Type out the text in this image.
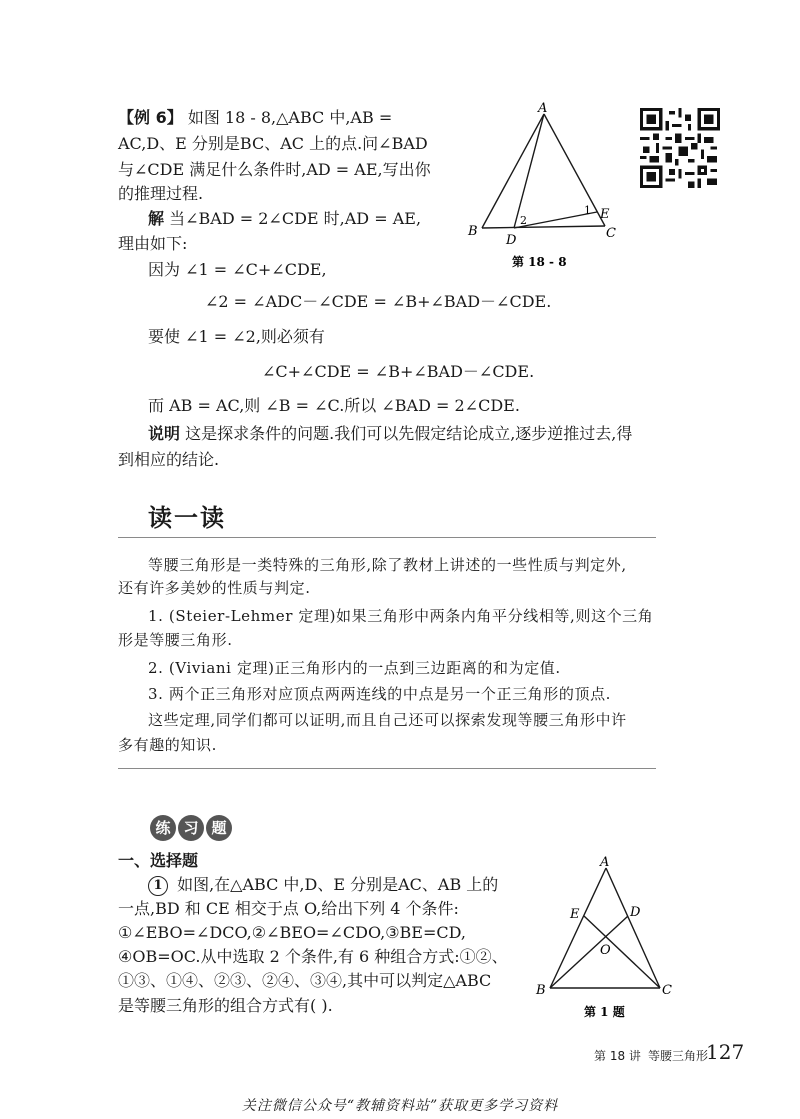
【例 6】 如图 18 - 8,△ABC 中,AB =
AC,D、E 分别是BC、AC 上的点.问∠BAD
与∠CDE 满足什么条件时,AD = AE,写出你
的推理过程.
解 当∠BAD = 2∠CDE 时,AD = AE,
理由如下:
因为 ∠1 = ∠C+∠CDE,
∠2 = ∠ADC－∠CDE = ∠B+∠BAD－∠CDE.
要使 ∠1 = ∠2,则必须有
∠C+∠CDE = ∠B+∠BAD－∠CDE.
而 AB = AC,则 ∠B = ∠C.所以 ∠BAD = 2∠CDE.
说明 这是探求条件的问题.我们可以先假定结论成立,逐步逆推过去,得
到相应的结论.
A
B	C
D
E
1
2
第 18 - 8
读一读
等腰三角形是一类特殊的三角形,除了教材上讲述的一些性质与判定外,
还有许多美妙的性质与判定.
1. (Steier-Lehmer 定理)如果三角形中两条内角平分线相等,则这个三角
形是等腰三角形.
2. (Viviani 定理)正三角形内的一点到三边距离的和为定值.
3. 两个正三角形对应顶点两两连线的中点是另一个正三角形的顶点.
这些定理,同学们都可以证明,而且自己还可以探索发现等腰三角形中许
多有趣的知识.
练 习 题
一、选择题
1 如图,在△ABC 中,D、E 分别是AC、AB 上的
一点,BD 和 CE 相交于点 O,给出下列 4 个条件:
①∠EBO=∠DCO,②∠BEO=∠CDO,③BE=CD,
④OB=OC.从中选取 2 个条件,有 6 种组合方式:①②、
①③、①④、②③、②④、③④,其中可以判定△ABC
是等腰三角形的组合方式有( ).
A
B	C
D
E
O
第 1 题
第 18 讲 等腰三角形
127
关注微信公众号“教辅资料站”获取更多学习资料
